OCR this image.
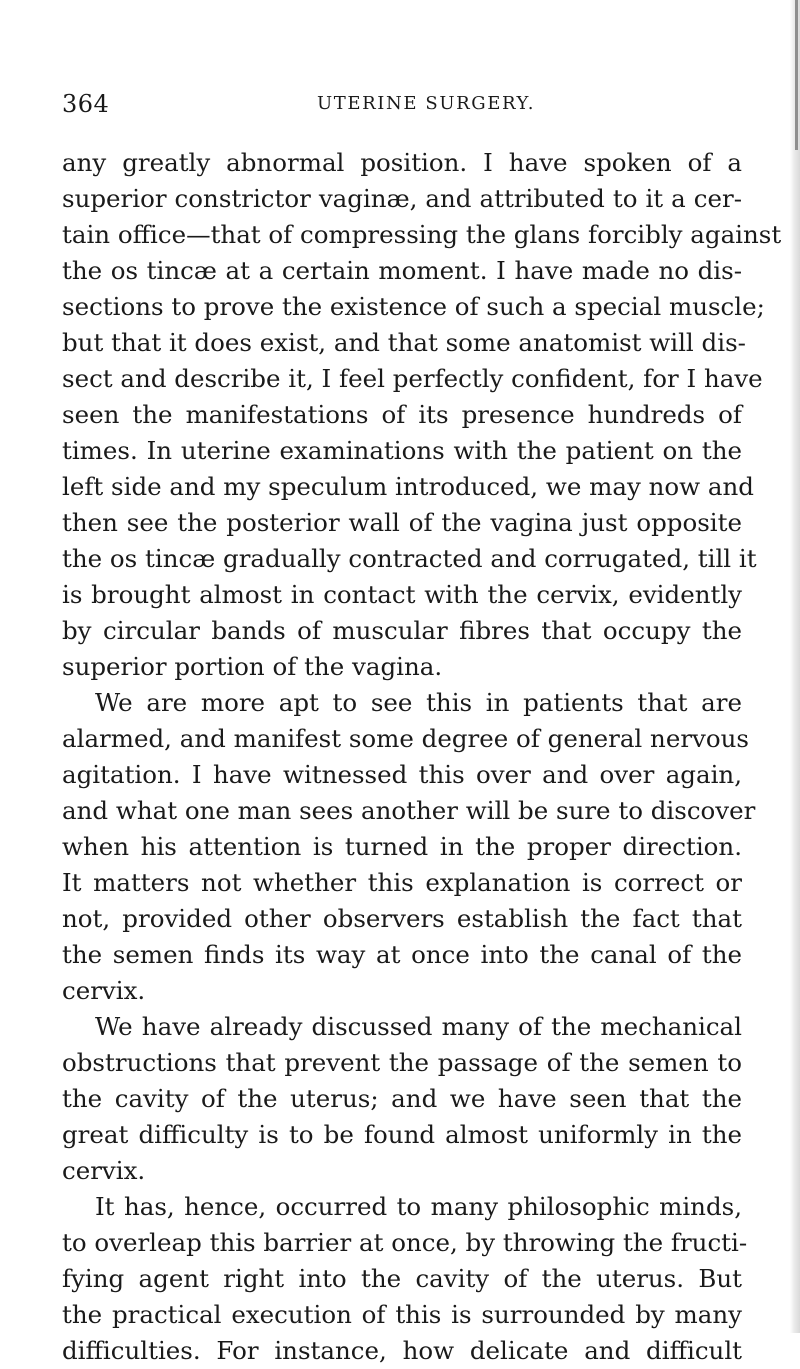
364	UTERINE SURGERY.
any greatly abnormal position. I have spoken of a
superior constrictor vaginæ, and attributed to it a cer-
tain office—that of compressing the glans forcibly against
the os tincæ at a certain moment. I have made no dis-
sections to prove the existence of such a special muscle;
but that it does exist, and that some anatomist will dis-
sect and describe it, I feel perfectly confident, for I have
seen the manifestations of its presence hundreds of
times. In uterine examinations with the patient on the
left side and my speculum introduced, we may now and
then see the posterior wall of the vagina just opposite
the os tincæ gradually contracted and corrugated, till it
is brought almost in contact with the cervix, evidently
by circular bands of muscular fibres that occupy the
superior portion of the vagina.
We are more apt to see this in patients that are
alarmed, and manifest some degree of general nervous
agitation. I have witnessed this over and over again,
and what one man sees another will be sure to discover
when his attention is turned in the proper direction.
It matters not whether this explanation is correct or
not, provided other observers establish the fact that
the semen finds its way at once into the canal of the
cervix.
We have already discussed many of the mechanical
obstructions that prevent the passage of the semen to
the cavity of the uterus; and we have seen that the
great difficulty is to be found almost uniformly in the
cervix.
It has, hence, occurred to many philosophic minds,
to overleap this barrier at once, by throwing the fructi-
fying agent right into the cavity of the uterus. But
the practical execution of this is surrounded by many
difficulties. For instance, how delicate and difficult
